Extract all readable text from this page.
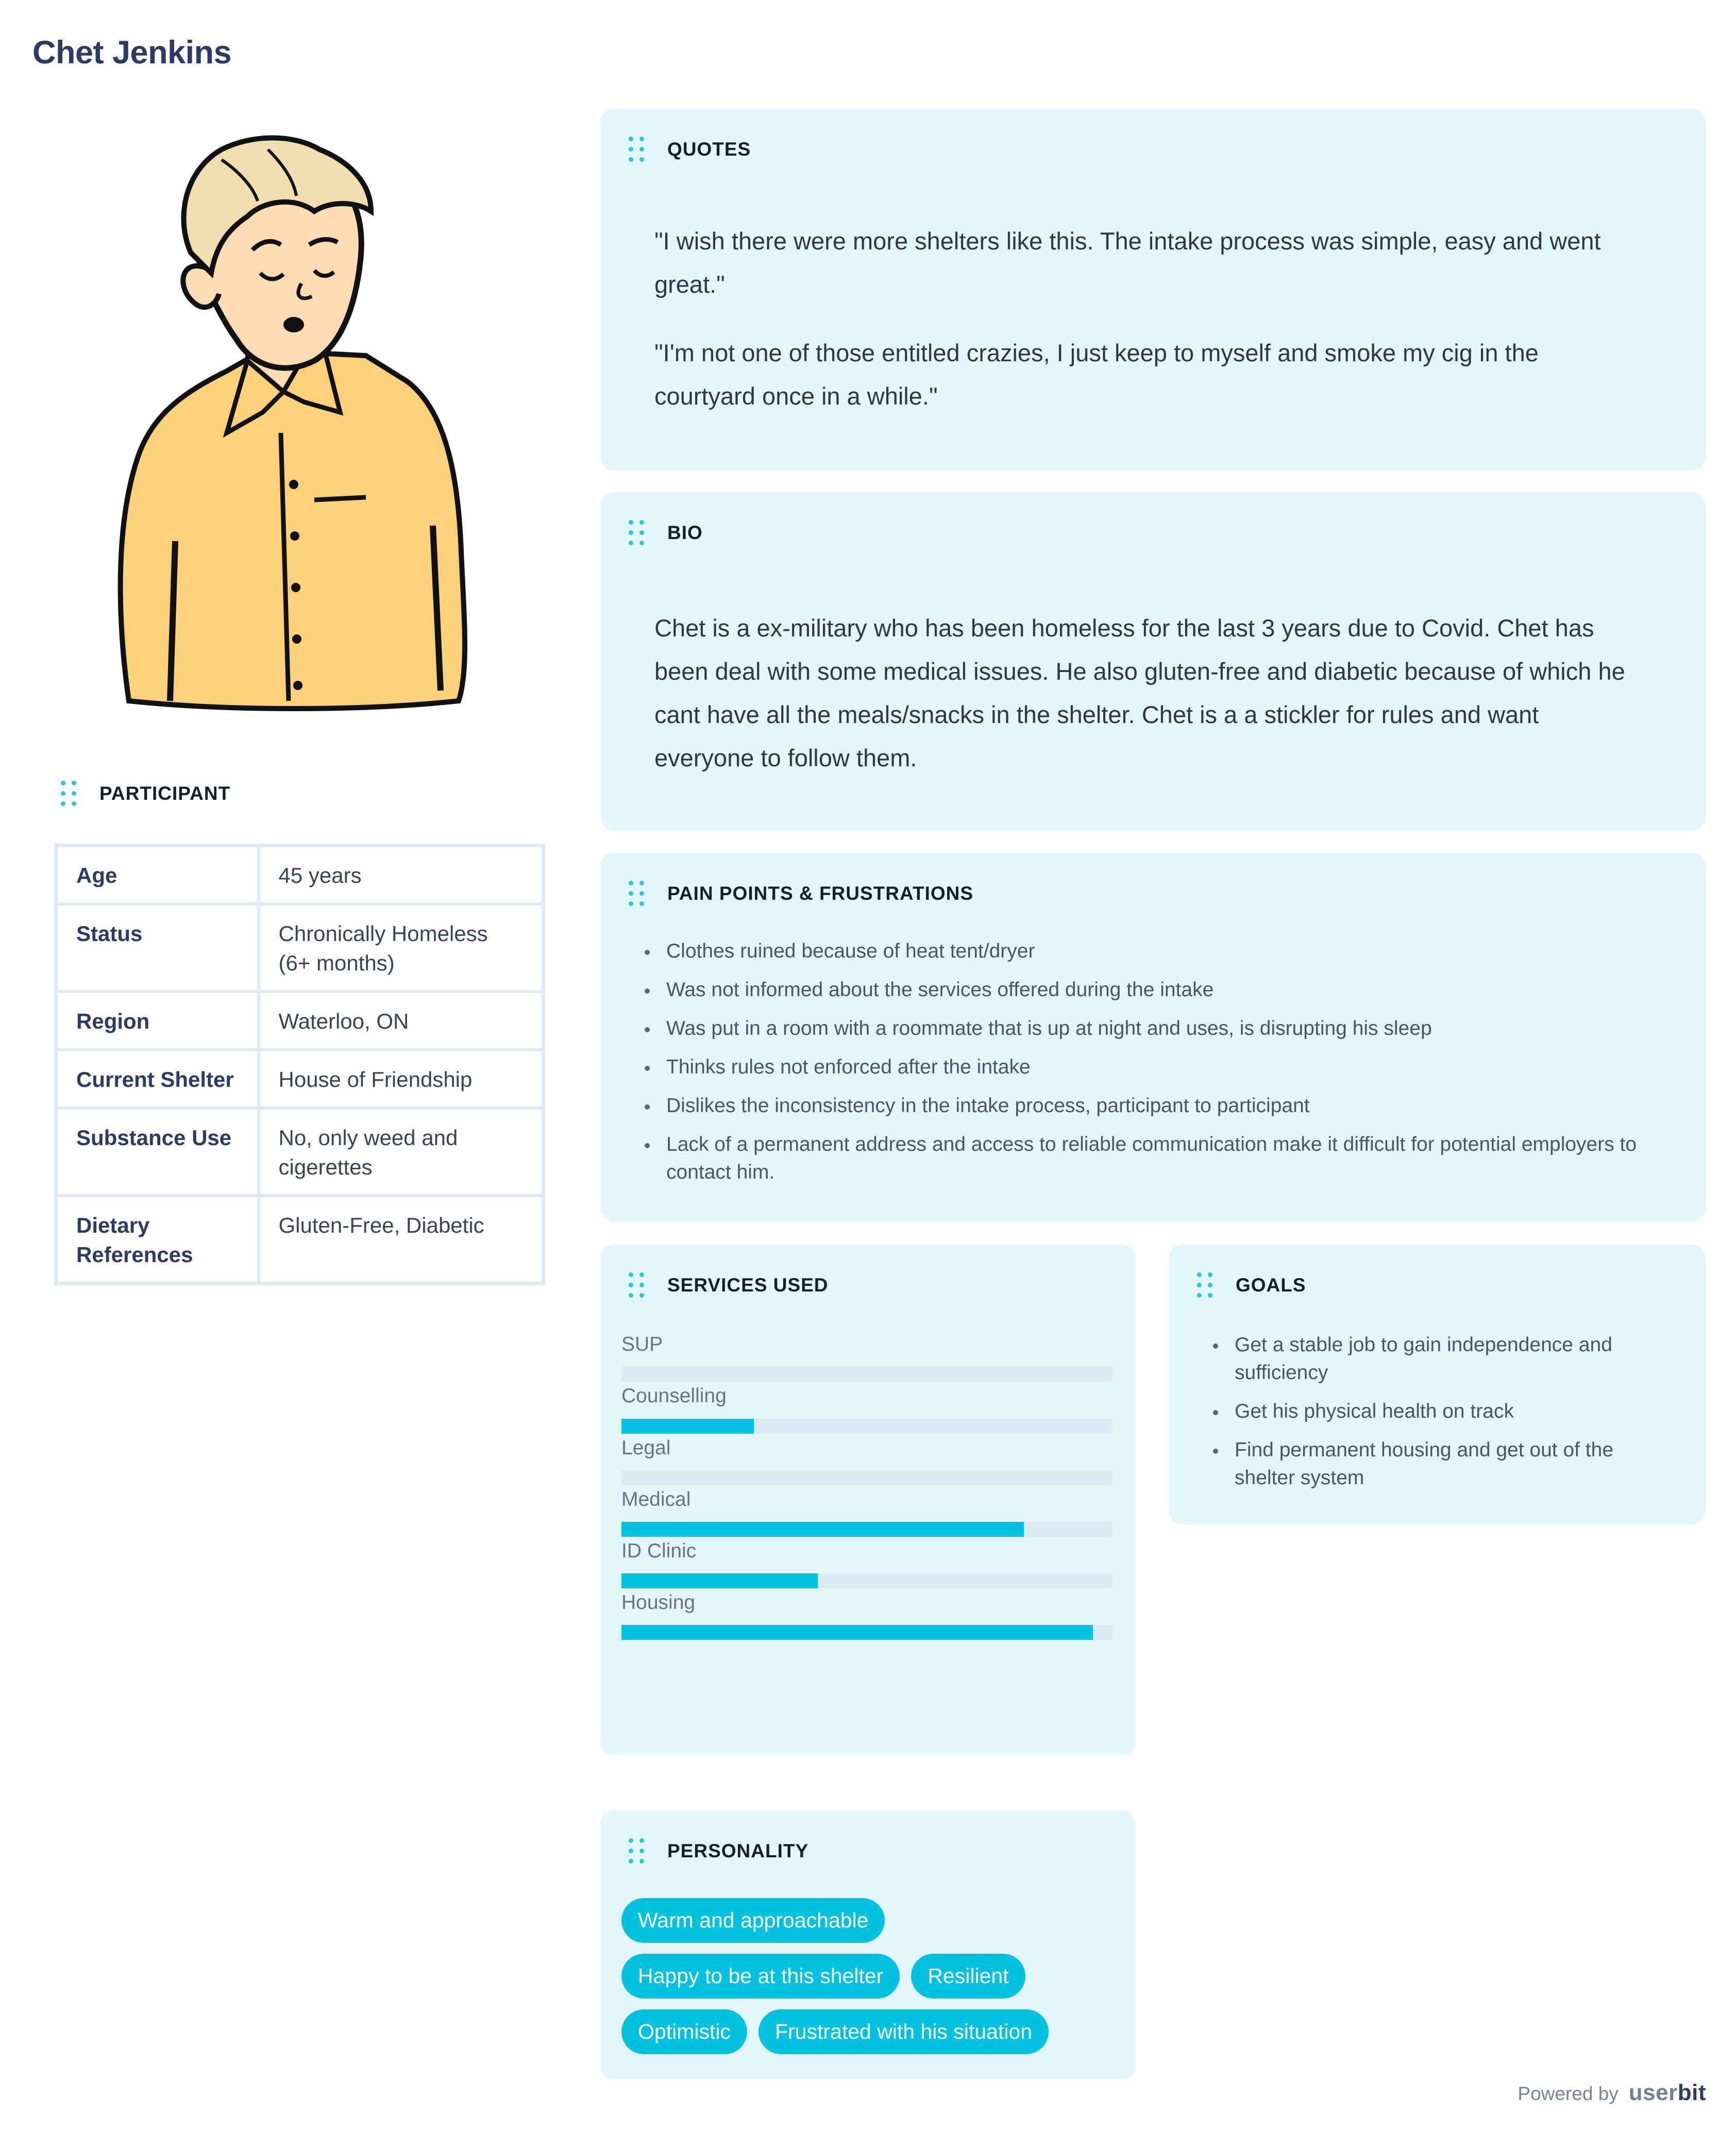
Chet Jenkins
PARTICIPANT
Age	45 years
Status	Chronically Homeless (6+ months)
Region	Waterloo, ON
Current Shelter	House of Friendship
Substance Use	No, only weed and cigerettes
Dietary References	Gluten-Free, Diabetic
QUOTES

"I wish there were more shelters like this. The intake process was simple, easy and went great."

"I'm not one of those entitled crazies, I just keep to myself and smoke my cig in the courtyard once in a while."

BIO

Chet is a ex-military who has been homeless for the last 3 years due to Covid. Chet has been deal with some medical issues. He also gluten-free and diabetic because of which he cant have all the meals/snacks in the shelter. Chet is a a stickler for rules and want everyone to follow them.

PAIN POINTS & FRUSTRATIONS
Clothes ruined because of heat tent/dryer
Was not informed about the services offered during the intake
Was put in a room with a roommate that is up at night and uses, is disrupting his sleep
Thinks rules not enforced after the intake
Dislikes the inconsistency in the intake process, participant to participant
Lack of a permanent address and access to reliable communication make it difficult for potential employers to contact him.
SERVICES USED
SUP
Counselling
Legal
Medical
ID Clinic
Housing
GOALS
Get a stable job to gain independence and sufficiency
Get his physical health on track
Find permanent housing and get out of the shelter system
PERSONALITY
Warm and approachable
Happy to be at this shelter	Resilient
Optimistic	Frustrated with his situation
Powered by userbit
